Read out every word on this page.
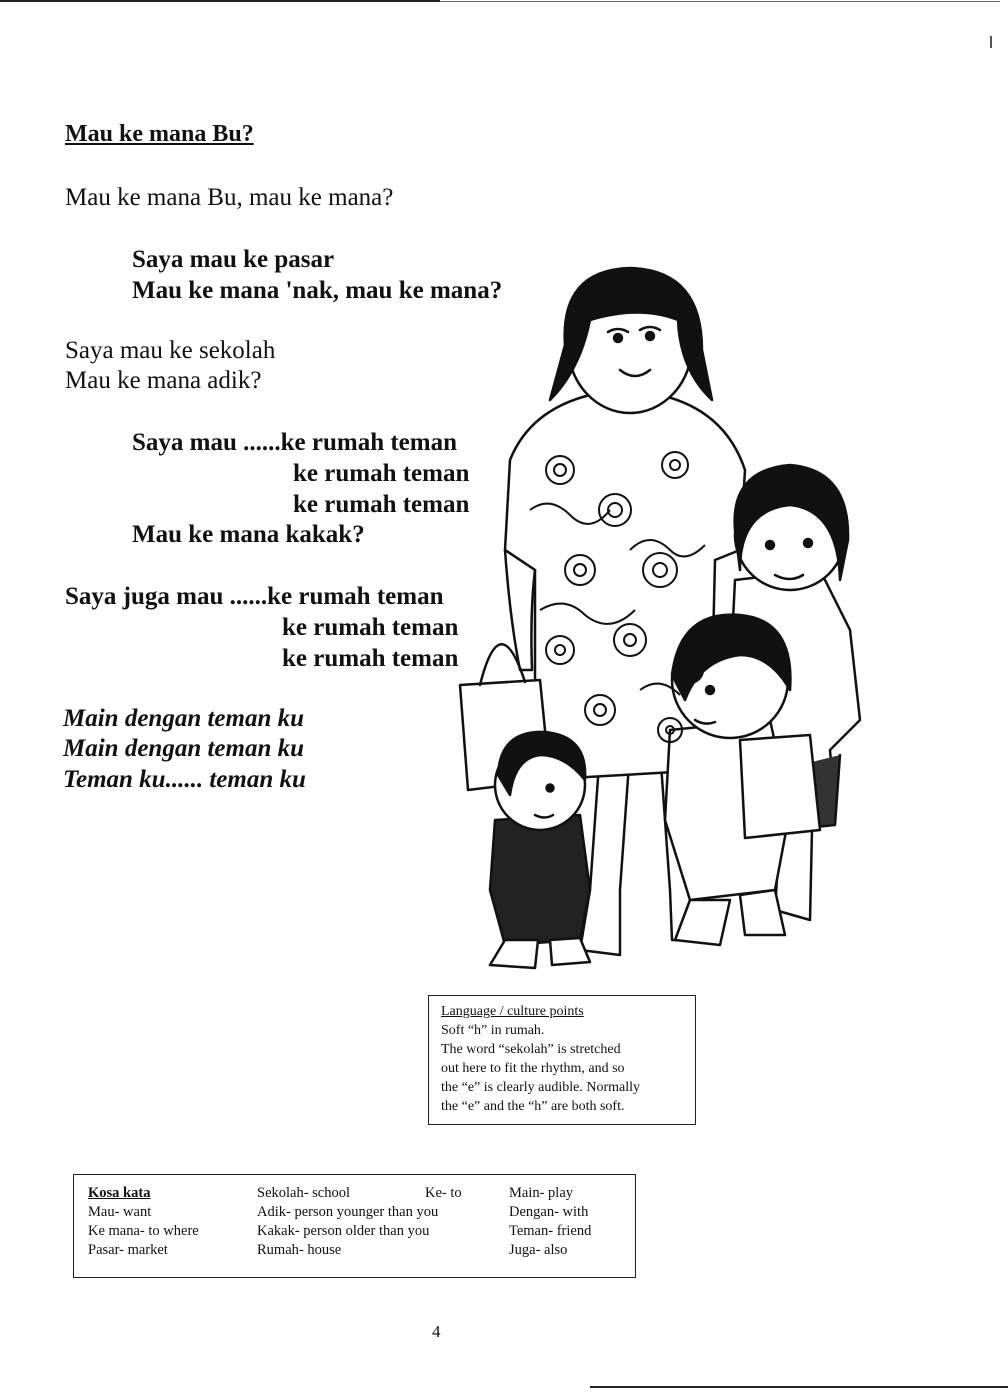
Mau ke mana Bu?

Mau ke mana Bu, mau ke mana?

Saya mau ke pasar

Mau ke mana 'nak, mau ke mana?

Saya mau ke sekolah

Mau ke mana adik?

Saya mau ......ke rumah teman

ke rumah teman

ke rumah teman

Mau ke mana kakak?

Saya juga mau ......ke rumah teman

ke rumah teman

ke rumah teman

Main dengan teman ku

Main dengan teman ku

Teman ku...... teman ku

Language / culture points
Soft “h” in rumah.
The word “sekolah” is stretched
out here to fit the rhythm, and so
the “e” is clearly audible. Normally
the “e” and the “h” are both soft.
Kosa kata
Mau- want
Ke mana- to where
Pasar- market
Sekolah- school
Adik- person younger than you
Kakak- person older than you
Rumah- house
Ke- to	Main- play
Dengan- with
Teman- friend
Juga- also
4
